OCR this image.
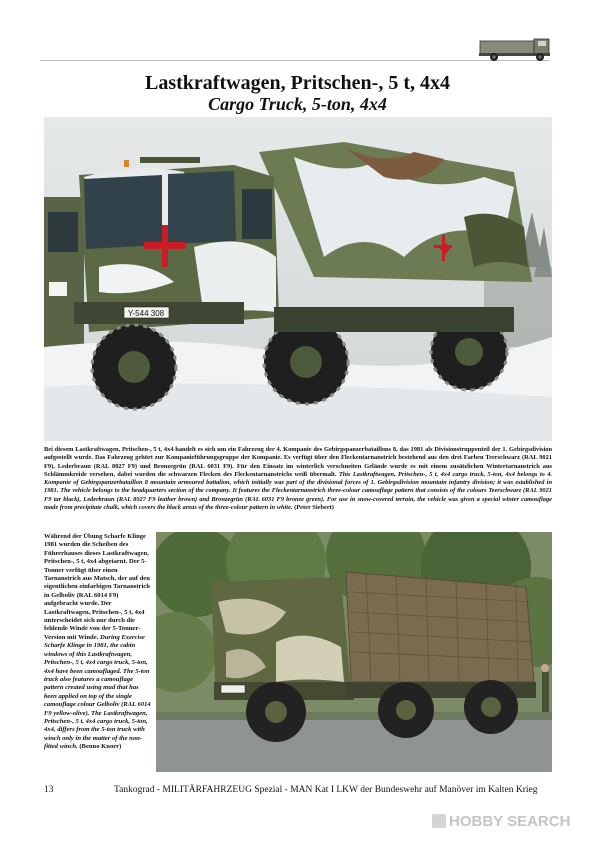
Lastkraftwagen, Pritschen-, 5 t, 4x4
Cargo Truck, 5-ton, 4x4
Y-544 308
Bei diesem Lastkraftwagen, Pritschen-, 5 t, 4x4 handelt es sich um ein Fahrzeug der 4. Kompanie des Gebirgspanzerbataillons 8, das 1981 als Divisionstruppenteil der 1. Gebirgsdivision aufgestellt wurde. Das Fahrzeug gehört zur Kompanieführungsgruppe der Kompanie. Es verfügt über den Fleckentarnanstrich bestehend aus den drei Farben Teerschwarz (RAL 9021 F9), Lederbraun (RAL 8027 F9) und Bronzegrün (RAL 6031 F9). Für den Einsatz im winterlich verschneiten Gelände wurde es mit einem zusätzlichen Wintertarnanstrich aus Schlämmkreide versehen, dabei wurden die schwarzen Flecken des Fleckentarnanstrichs weiß übermalt. This Lastkraftwagen, Pritschen-, 5 t, 4x4 cargo truck, 5-ton, 4x4 belongs to 4. Kompanie of Gebirgspanzerbataillon 8 mountain armoured battalion, which initially was part of the divisional forces of 1. Gebirgsdivision mountain infantry division; it was established in 1981. The vehicle belongs to the headquarters section of the company. It features the Fleckentarnanstrich three-colour camouflage pattern that consists of the colours Teerschwarz (RAL 9021 F9 tar black), Lederbraun (RAL 8027 F9 leather brown) and Bronzegrün (RAL 6031 F9 bronze green). For use in snow-covered terrain, the vehicle was given a special winter camouflage made from precipitate chalk, which covers the black areas of the three-colour pattern in white. (Peter Siebert)
Während der Übung Scharfe Klinge 1981 wurden die Scheiben des Führerhauses dieses Lastkraftwagen, Pritschen-, 5 t, 4x4 abgetarnt. Der 5-Tonner verfügt über einen Tarnanstrich aus Matsch, der auf den eigentlichen einfarbigen Tarnanstrich in Gelboliv (RAL 6014 F9) aufgebracht wurde. Der Lastkraftwagen, Pritschen-, 5 t, 4x4 unterscheidet sich nur durch die fehlende Winde von der 5-Tonner-Version mit Winde. During Exercise Scharfe Klinge in 1981, the cabin windows of this Lastkraftwagen, Pritschen-, 5 t, 4x4 cargo truck, 5-ton, 4x4 have been camouflaged. The 5-ton truck also features a camouflage pattern created using mud that has been applied on top of the single camouflage colour Gelboliv (RAL 6014 F9 yellow-olive). The Lastkraftwagen, Pritschen-, 5 t, 4x4 cargo truck, 5-ton, 4x4, differs from the 5-ton truck with winch only in the matter of the non-fitted winch. (Benno Knorr)
13	Tankograd - MILITÄRFAHRZEUG Spezial - MAN Kat I LKW der Bundeswehr auf Manöver im Kalten Krieg
HOBBY SEARCH
